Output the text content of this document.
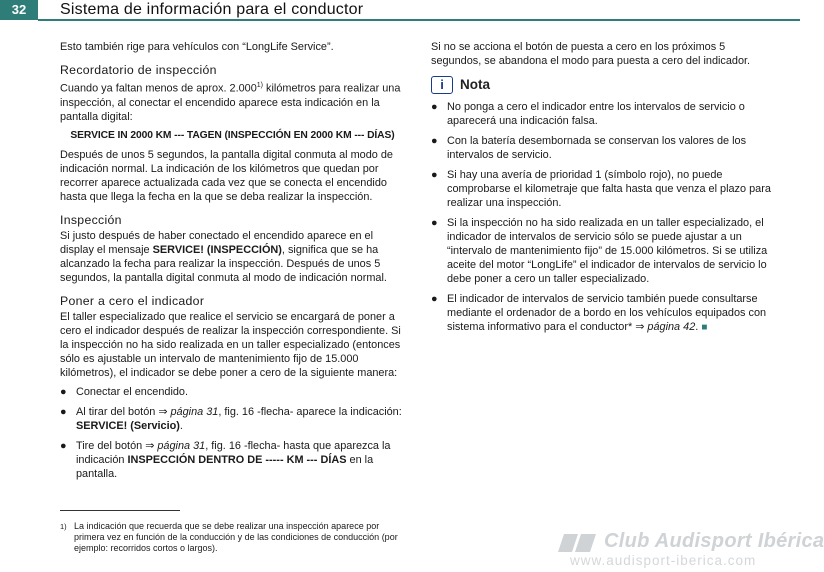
32	Sistema de información para el conductor

Esto también rige para vehículos con “LongLife Service”.

Recordatorio de inspección

Cuando ya faltan menos de aprox. 2.000$^{1)}$ kilómetros para realizar una inspección, al conectar el encendido aparece esta indicación en la pantalla digital:

SERVICE IN 2000 KM --- TAGEN (INSPECCIÓN EN 2000 KM --- DÍAS)

Después de unos 5 segundos, la pantalla digital conmuta al modo de indicación normal. La indicación de los kilómetros que quedan por recorrer aparece actualizada cada vez que se conecta el encendido hasta que llega la fecha en la que se deba realizar la inspección.

Inspección

Si justo después de haber conectado el encendido aparece en el display el mensaje SERVICE! (INSPECCIÓN), significa que se ha alcanzado la fecha para realizar la inspección. Después de unos 5 segundos, la pantalla digital conmuta al modo de indicación normal.

Poner a cero el indicador

El taller especializado que realice el servicio se encargará de poner a cero el indicador después de realizar la inspección correspondiente. Si la inspección no ha sido realizada en un taller especializado (entonces sólo es ajustable un intervalo de mantenimiento fijo de 15.000 kilómetros), el indicador se debe poner a cero de la siguiente manera:

● Conectar el encendido.
● Al tirar del botón ⇒ página 31, fig. 16 -flecha- aparece la indicación: SERVICE! (Servicio).
● Tire del botón ⇒ página 31, fig. 16 -flecha- hasta que aparezca la indicación INSPECCIÓN DENTRO DE ----- KM --- DÍAS en la pantalla.
1) La indicación que recuerda que se debe realizar una inspección aparece por primera vez en función de la conducción y de las condiciones de conducción (por ejemplo: recorridos cortos o largos).

Si no se acciona el botón de puesta a cero en los próximos 5 segundos, se abandona el modo para puesta a cero del indicador.

i	Nota
● No ponga a cero el indicador entre los intervalos de servicio o aparecerá una indicación falsa.
● Con la batería desembornada se conservan los valores de los intervalos de servicio.
● Si hay una avería de prioridad 1 (símbolo rojo), no puede comprobarse el kilometraje que falta hasta que venza el plazo para realizar una inspección.
● Si la inspección no ha sido realizada en un taller especializado, el indicador de intervalos de servicio sólo se puede ajustar a un “intervalo de mantenimiento fijo” de 15.000 kilómetros. Si se utiliza aceite del motor “LongLife” el indicador de intervalos de servicio lo debe poner a cero un taller especializado.
● El indicador de intervalos de servicio también puede consultarse mediante el ordenador de a bordo en los vehículos equipados con sistema informativo para el conductor* ⇒ página 42. ■
Club Audisport Ibérica
www.audisport-iberica.com
